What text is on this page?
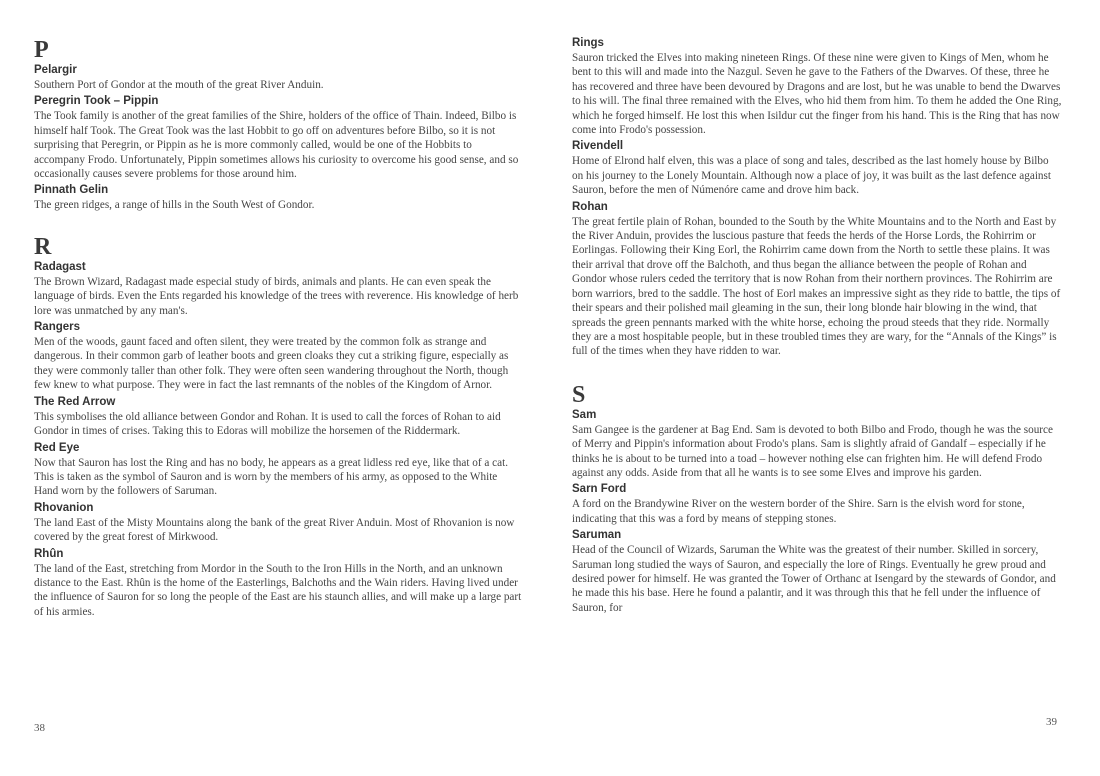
P

Pelargir

Southern Port of Gondor at the mouth of the great River Anduin.

Peregrin Took – Pippin

The Took family is another of the great families of the Shire, holders of the office of Thain. Indeed, Bilbo is himself half Took. The Great Took was the last Hobbit to go off on adventures before Bilbo, so it is not surprising that Peregrin, or Pippin as he is more commonly called, would be one of the Hobbits to accompany Frodo. Unfortunately, Pippin sometimes allows his curiosity to overcome his good sense, and so occasionally causes severe problems for those around him.

Pinnath Gelin

The green ridges, a range of hills in the South West of Gondor.

R

Radagast

The Brown Wizard, Radagast made especial study of birds, animals and plants. He can even speak the language of birds. Even the Ents regarded his knowledge of the trees with reverence. His knowledge of herb lore was unmatched by any man's.

Rangers

Men of the woods, gaunt faced and often silent, they were treated by the common folk as strange and dangerous. In their common garb of leather boots and green cloaks they cut a striking figure, especially as they were commonly taller than other folk. They were often seen wandering throughout the North, though few knew to what purpose. They were in fact the last remnants of the nobles of the Kingdom of Arnor.

The Red Arrow

This symbolises the old alliance between Gondor and Rohan. It is used to call the forces of Rohan to aid Gondor in times of crises. Taking this to Edoras will mobilize the horsemen of the Riddermark.

Red Eye

Now that Sauron has lost the Ring and has no body, he appears as a great lidless red eye, like that of a cat. This is taken as the symbol of Sauron and is worn by the members of his army, as opposed to the White Hand worn by the followers of Saruman.

Rhovanion

The land East of the Misty Mountains along the bank of the great River Anduin. Most of Rhovanion is now covered by the great forest of Mirkwood.

Rhûn

The land of the East, stretching from Mordor in the South to the Iron Hills in the North, and an unknown distance to the East. Rhûn is the home of the Easterlings, Balchoths and the Wain riders. Having lived under the influence of Sauron for so long the people of the East are his staunch allies, and will make up a large part of his armies.

Rings

Sauron tricked the Elves into making nineteen Rings. Of these nine were given to Kings of Men, whom he bent to this will and made into the Nazgul. Seven he gave to the Fathers of the Dwarves. Of these, three he has recovered and three have been devoured by Dragons and are lost, but he was unable to bend the Dwarves to his will. The final three remained with the Elves, who hid them from him. To them he added the One Ring, which he forged himself. He lost this when Isildur cut the finger from his hand. This is the Ring that has now come into Frodo's possession.

Rivendell

Home of Elrond half elven, this was a place of song and tales, described as the last homely house by Bilbo on his journey to the Lonely Mountain. Although now a place of joy, it was built as the last defence against Sauron, before the men of Númenóre came and drove him back.

Rohan

The great fertile plain of Rohan, bounded to the South by the White Mountains and to the North and East by the River Anduin, provides the luscious pasture that feeds the herds of the Horse Lords, the Rohirrim or Eorlingas. Following their King Eorl, the Rohirrim came down from the North to settle these plains. It was their arrival that drove off the Balchoth, and thus began the alliance between the people of Rohan and Gondor whose rulers ceded the territory that is now Rohan from their northern provinces. The Rohirrim are born warriors, bred to the saddle. The host of Eorl makes an impressive sight as they ride to battle, the tips of their spears and their polished mail gleaming in the sun, their long blonde hair blowing in the wind, that spreads the green pennants marked with the white horse, echoing the proud steeds that they ride. Normally they are a most hospitable people, but in these troubled times they are wary, for the “Annals of the Kings” is full of the times when they have ridden to war.

S

Sam

Sam Gangee is the gardener at Bag End. Sam is devoted to both Bilbo and Frodo, though he was the source of Merry and Pippin's information about Frodo's plans. Sam is slightly afraid of Gandalf – especially if he thinks he is about to be turned into a toad – however nothing else can frighten him. He will defend Frodo against any odds. Aside from that all he wants is to see some Elves and improve his garden.

Sarn Ford

A ford on the Brandywine River on the western border of the Shire. Sarn is the elvish word for stone, indicating that this was a ford by means of stepping stones.

Saruman

Head of the Council of Wizards, Saruman the White was the greatest of their number. Skilled in sorcery, Saruman long studied the ways of Sauron, and especially the lore of Rings. Eventually he grew proud and desired power for himself. He was granted the Tower of Orthanc at Isengard by the stewards of Gondor, and he made this his base. Here he found a palantir, and it was through this that he fell under the influence of Sauron, for

38	39
